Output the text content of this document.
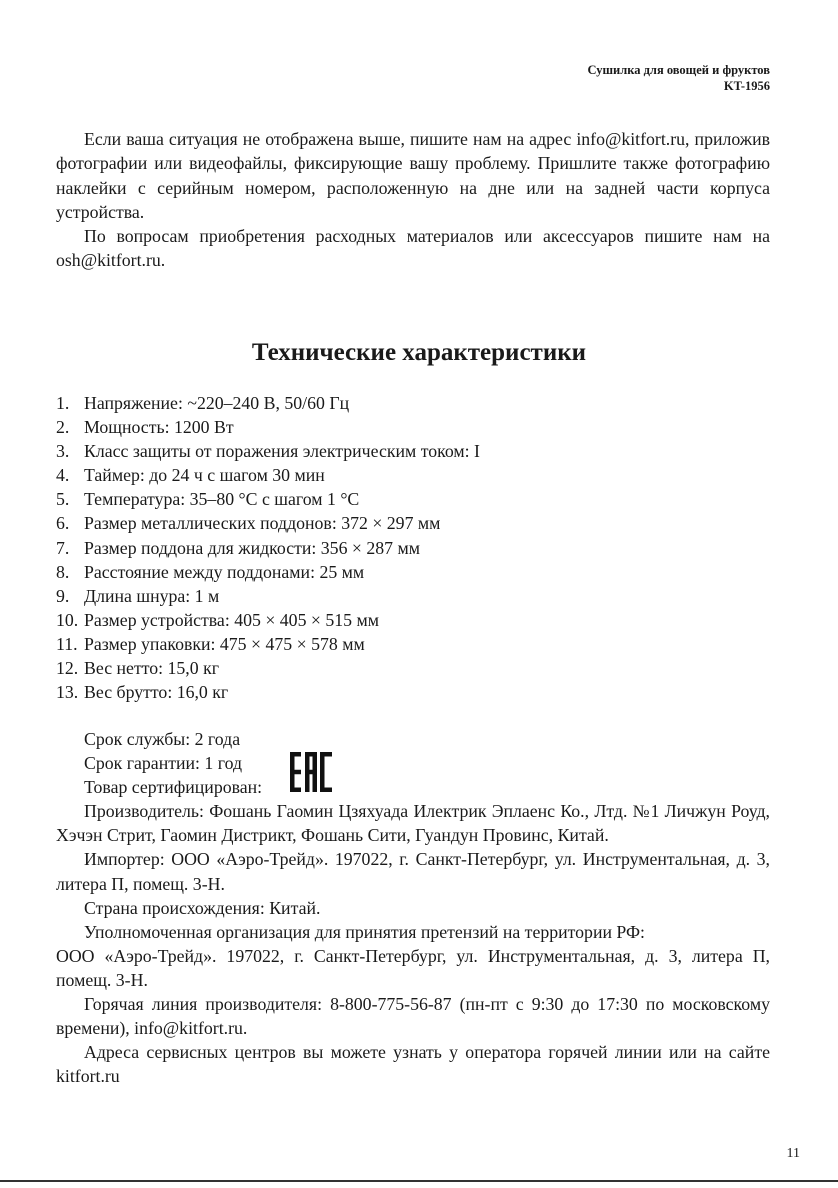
Сушилка для овощей и фруктов
KT-1956

Если ваша ситуация не отображена выше, пишите нам на адрес info@kitfort.ru, приложив фотографии или видеофайлы, фиксирующие вашу проблему. Пришлите также фотографию наклейки с серийным номером, расположенную на дне или на задней части корпуса устройства.

По вопросам приобретения расходных материалов или аксессуаров пишите нам на osh@kitfort.ru.

Технические характеристики
1. Напряжение: ~220–240 В, 50/60 Гц
2. Мощность: 1200 Вт
3. Класс защиты от поражения электрическим током: I
4. Таймер: до 24 ч с шагом 30 мин
5. Температура: 35–80 °С с шагом 1 °С
6. Размер металлических поддонов: 372 × 297 мм
7. Размер поддона для жидкости: 356 × 287 мм
8. Расстояние между поддонами: 25 мм
9. Длина шнура: 1 м
10. Размер устройства: 405 × 405 × 515 мм
11. Размер упаковки: 475 × 475 × 578 мм
12. Вес нетто: 15,0 кг
13. Вес брутто: 16,0 кг

Срок службы: 2 года

Срок гарантии: 1 год

Товар сертифицирован:

Производитель: Фошань Гаомин Цзяхуада Илектрик Эплаенс Ко., Лтд. №1 Личжун Роуд, Хэчэн Стрит, Гаомин Дистрикт, Фошань Сити, Гуандун Провинс, Китай.

Импортер: ООО «Аэро-Трейд». 197022, г. Санкт-Петербург, ул. Инструментальная, д. 3, литера П, помещ. 3-Н.

Страна происхождения: Китай.

Уполномоченная организация для принятия претензий на территории РФ:

ООО «Аэро-Трейд». 197022, г. Санкт-Петербург, ул. Инструментальная, д. 3, литера П, помещ. 3-Н.

Горячая линия производителя: 8-800-775-56-87 (пн-пт с 9:30 до 17:30 по московскому времени), info@kitfort.ru.

Адреса сервисных центров вы можете узнать у оператора горячей линии или на сайте kitfort.ru

11
